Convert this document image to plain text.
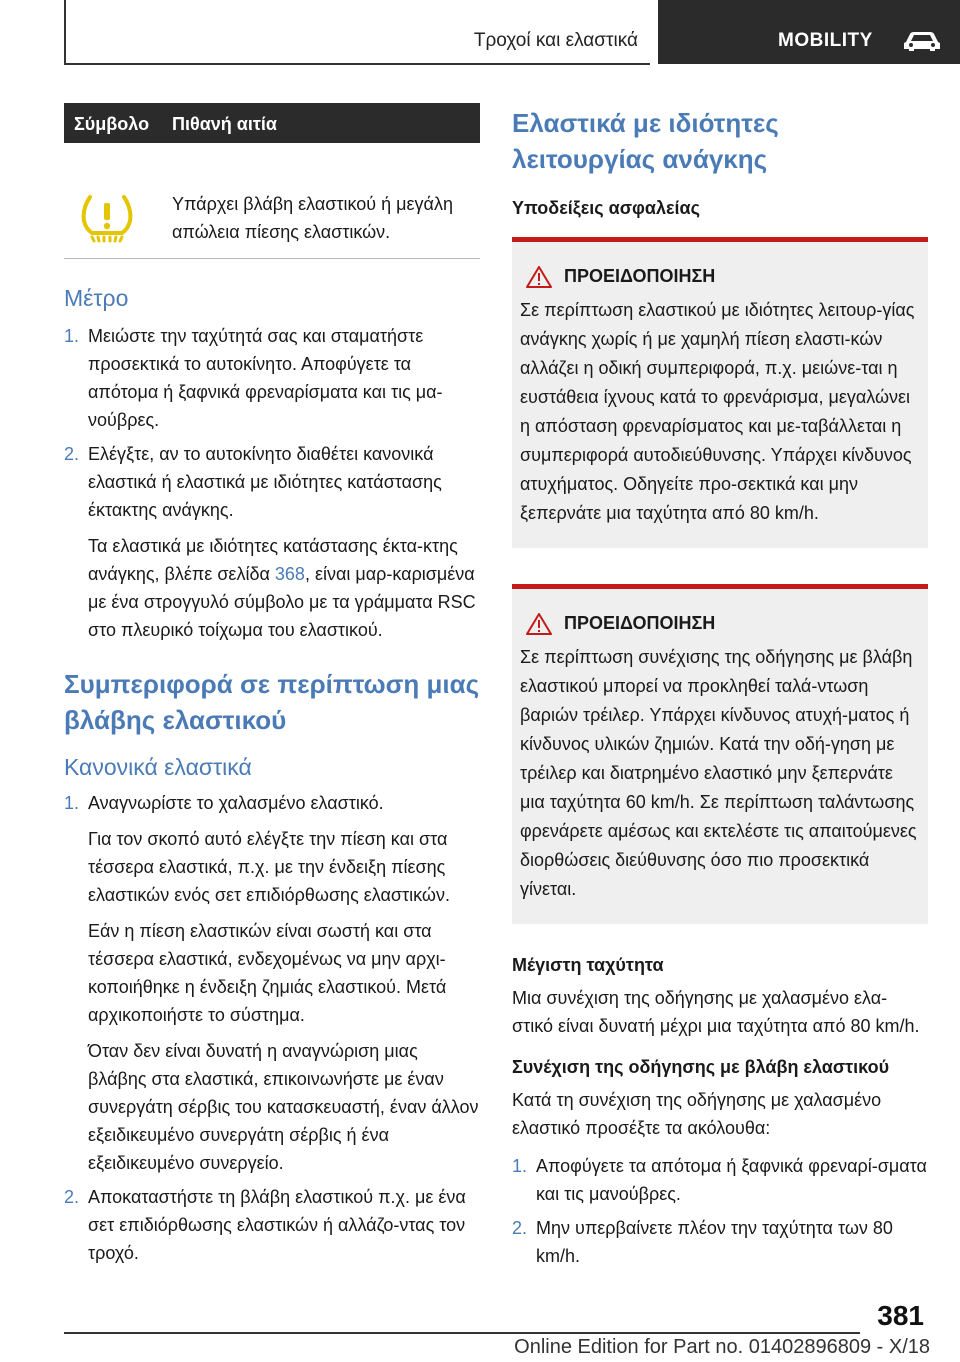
Τροχοί και ελαστικά	MOBILITY
Σύμβολο Πιθανή αιτία
Υπάρχει βλάβη ελαστικού ή μεγάλη απώλεια πίεσης ελαστικών.
Μέτρο
1. Μειώστε την ταχύτητά σας και σταματήστε προσεκτικά το αυτοκίνητο. Αποφύγετε τα απότομα ή ξαφνικά φρεναρίσματα και τις μα-νούβρες.
2. Ελέγξτε, αν το αυτοκίνητο διαθέτει κανονικά ελαστικά ή ελαστικά με ιδιότητες κατάστασης έκτακτης ανάγκης.
Τα ελαστικά με ιδιότητες κατάστασης έκτα-κτης ανάγκης, βλέπε σελίδα 368, είναι μαρ-καρισμένα με ένα στρογγυλό σύμβολο με τα γράμματα RSC στο πλευρικό τοίχωμα του ελαστικού.
Συμπεριφορά σε περίπτωση μιας βλάβης ελαστικού
Κανονικά ελαστικά
1. Αναγνωρίστε το χαλασμένο ελαστικό.
Για τον σκοπό αυτό ελέγξτε την πίεση και στα τέσσερα ελαστικά, π.χ. με την ένδειξη πίεσης ελαστικών ενός σετ επιδιόρθωσης ελαστικών.
Εάν η πίεση ελαστικών είναι σωστή και στα τέσσερα ελαστικά, ενδεχομένως να μην αρχι-κοποιήθηκε η ένδειξη ζημιάς ελαστικού. Μετά αρχικοποιήστε το σύστημα.
Όταν δεν είναι δυνατή η αναγνώριση μιας βλάβης στα ελαστικά, επικοινωνήστε με έναν συνεργάτη σέρβις του κατασκευαστή, έναν άλλον εξειδικευμένο συνεργάτη σέρβις ή ένα εξειδικευμένο συνεργείο.
2. Αποκαταστήστε τη βλάβη ελαστικού π.χ. με ένα σετ επιδιόρθωσης ελαστικών ή αλλάζο-ντας τον τροχό.
Ελαστικά με ιδιότητες λειτουργίας ανάγκης
Υποδείξεις ασφαλείας
ΠΡΟΕΙΔΟΠΟΙΗΣΗ
Σε περίπτωση ελαστικού με ιδιότητες λειτουρ-γίας ανάγκης χωρίς ή με χαμηλή πίεση ελαστι-κών αλλάζει η οδική συμπεριφορά, π.χ. μειώνε-ται η ευστάθεια ίχνους κατά το φρενάρισμα, μεγαλώνει η απόσταση φρεναρίσματος και με-ταβάλλεται η συμπεριφορά αυτοδιεύθυνσης. Υπάρχει κίνδυνος ατυχήματος. Οδηγείτε προ-σεκτικά και μην ξεπερνάτε μια ταχύτητα από 80 km/h.
ΠΡΟΕΙΔΟΠΟΙΗΣΗ
Σε περίπτωση συνέχισης της οδήγησης με βλάβη ελαστικού μπορεί να προκληθεί ταλά-ντωση βαριών τρέιλερ. Υπάρχει κίνδυνος ατυχή-ματος ή κίνδυνος υλικών ζημιών. Κατά την οδή-γηση με τρέιλερ και διατρημένο ελαστικό μην ξεπερνάτε μια ταχύτητα 60 km/h. Σε περίπτωση ταλάντωσης φρενάρετε αμέσως και εκτελέστε τις απαιτούμενες διορθώσεις διεύθυνσης όσο πιο προσεκτικά γίνεται.
Μέγιστη ταχύτητα

Μια συνέχιση της οδήγησης με χαλασμένο ελα-στικό είναι δυνατή μέχρι μια ταχύτητα από 80 km/h.

Συνέχιση της οδήγησης με βλάβη ελαστικού

Κατά τη συνέχιση της οδήγησης με χαλασμένο ελαστικό προσέξτε τα ακόλουθα:

1. Αποφύγετε τα απότομα ή ξαφνικά φρεναρί-σματα και τις μανούβρες.
2. Μην υπερβαίνετε πλέον την ταχύτητα των 80 km/h.
381
Online Edition for Part no. 01402896809 - X/18
